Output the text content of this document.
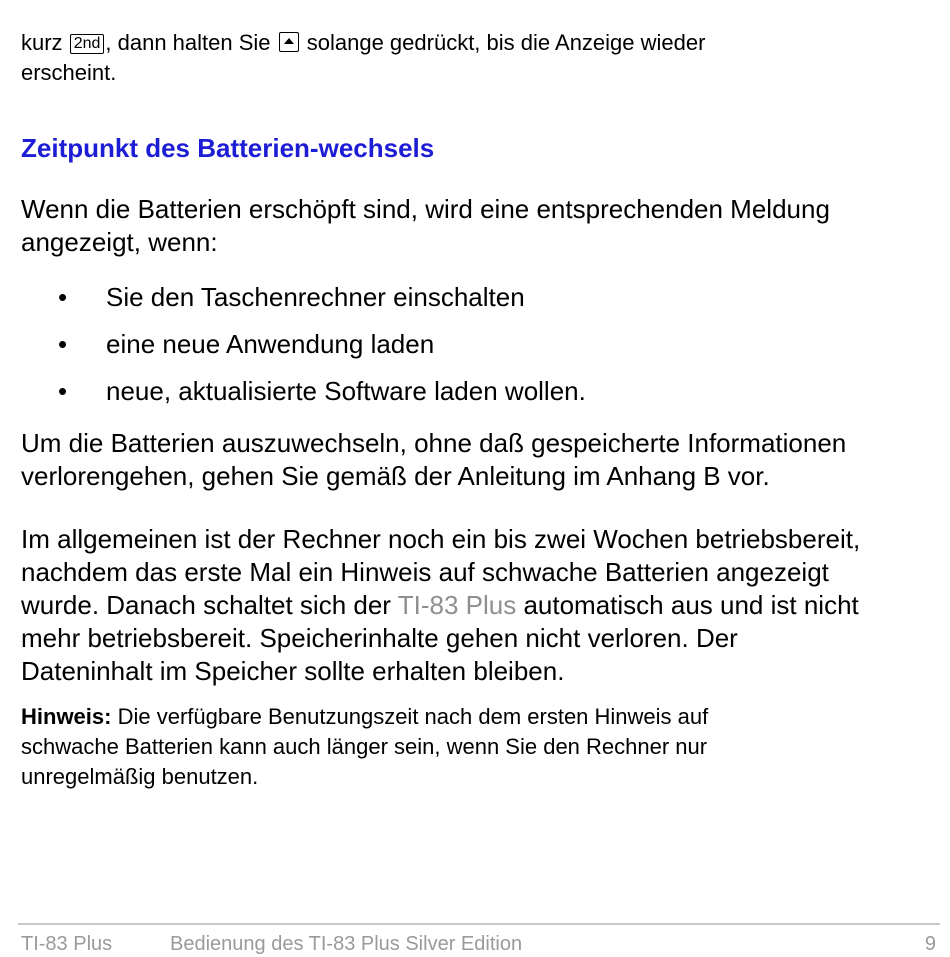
kurz 2nd , dann halten Sie  solange gedrückt, bis die Anzeige wieder
erscheint.
Zeitpunkt des Batterien-wechsels
Wenn die Batterien erschöpft sind, wird eine entsprechenden Meldung
angezeigt, wenn:
• Sie den Taschenrechner einschalten
• eine neue Anwendung laden
• neue, aktualisierte Software laden wollen.
Um die Batterien auszuwechseln, ohne daß gespeicherte Informationen
verlorengehen, gehen Sie gemäß der Anleitung im Anhang B vor.
Im allgemeinen ist der Rechner noch ein bis zwei Wochen betriebsbereit,
nachdem das erste Mal ein Hinweis auf schwache Batterien angezeigt
wurde. Danach schaltet sich der TI-83 Plus automatisch aus und ist nicht
mehr betriebsbereit. Speicherinhalte gehen nicht verloren. Der
Dateninhalt im Speicher sollte erhalten bleiben.
Hinweis: Die verfügbare Benutzungszeit nach dem ersten Hinweis auf
schwache Batterien kann auch länger sein, wenn Sie den Rechner nur
unregelmäßig benutzen.
TI-83 Plus	Bedienung des TI-83 Plus Silver Edition	9
